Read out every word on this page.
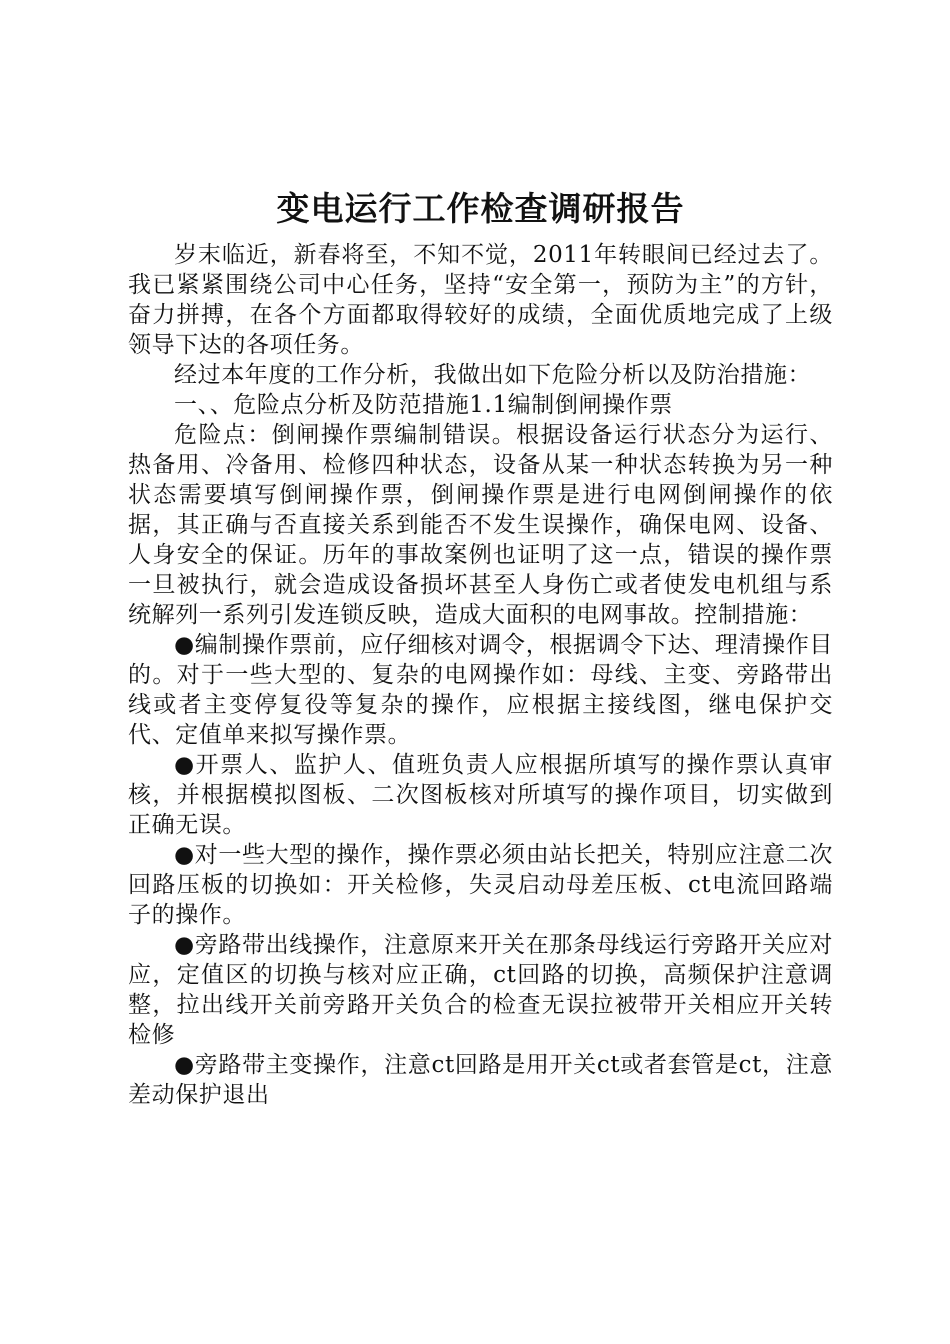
变电运行工作检查调研报告

岁末临近，新春将至，不知不觉，2011年转眼间已经过去了。我已紧紧围绕公司中心任务，坚持“安全第一，预防为主”的方针，奋力拼搏，在各个方面都取得较好的成绩，全面优质地完成了上级领导下达的各项任务。

经过本年度的工作分析，我做出如下危险分析以及防治措施：

一、、危险点分析及防范措施1.1编制倒闸操作票

危险点：倒闸操作票编制错误。根据设备运行状态分为运行、热备用、冷备用、检修四种状态，设备从某一种状态转换为另一种状态需要填写倒闸操作票，倒闸操作票是进行电网倒闸操作的依据，其正确与否直接关系到能否不发生误操作，确保电网、设备、人身安全的保证。历年的事故案例也证明了这一点，错误的操作票一旦被执行，就会造成设备损坏甚至人身伤亡或者使发电机组与系统解列一系列引发连锁反映，造成大面积的电网事故。控制措施：

●编制操作票前，应仔细核对调令，根据调令下达、理清操作目的。对于一些大型的、复杂的电网操作如：母线、主变、旁路带出线或者主变停复役等复杂的操作，应根据主接线图，继电保护交代、定值单来拟写操作票。

●开票人、监护人、值班负责人应根据所填写的操作票认真审核，并根据模拟图板、二次图板核对所填写的操作项目，切实做到正确无误。

●对一些大型的操作，操作票必须由站长把关，特别应注意二次回路压板的切换如：开关检修，失灵启动母差压板、ct电流回路端子的操作。

●旁路带出线操作，注意原来开关在那条母线运行旁路开关应对应，定值区的切换与核对应正确，ct回路的切换，高频保护注意调整，拉出线开关前旁路开关负合的检查无误拉被带开关相应开关转检修

●旁路带主变操作，注意ct回路是用开关ct或者套管是ct，注意差动保护退出
